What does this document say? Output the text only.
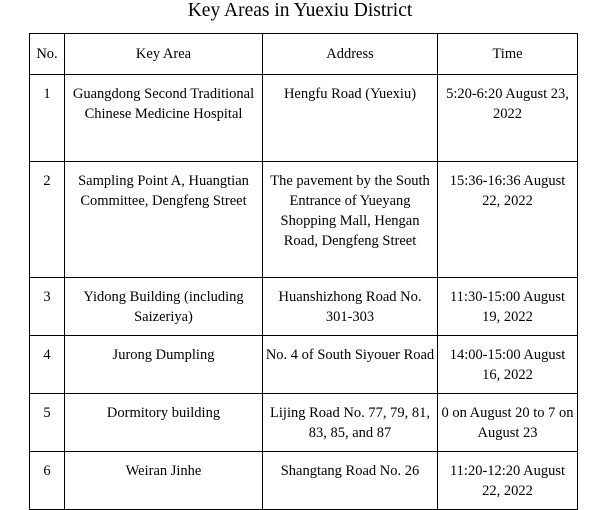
Key Areas in Yuexiu District
No.	Key Area	Address	Time
1	Guangdong Second Traditional Chinese Medicine Hospital	Hengfu Road (Yuexiu)	5:20-6:20 August 23, 2022
2	Sampling Point A, Huangtian Committee, Dengfeng Street	The pavement by the South Entrance of Yueyang Shopping Mall, Hengan Road, Dengfeng Street	15:36-16:36 August 22, 2022
3	Yidong Building (including Saizeriya)	Huanshizhong Road No. 301-303	11:30-15:00 August 19, 2022
4	Jurong Dumpling	No. 4 of South Siyouer Road	14:00-15:00 August 16, 2022
5	Dormitory building	Lijing Road No. 77, 79, 81, 83, 85, and 87	0 on August 20 to 7 on August 23
6	Weiran Jinhe	Shangtang Road No. 26	11:20-12:20 August 22, 2022
